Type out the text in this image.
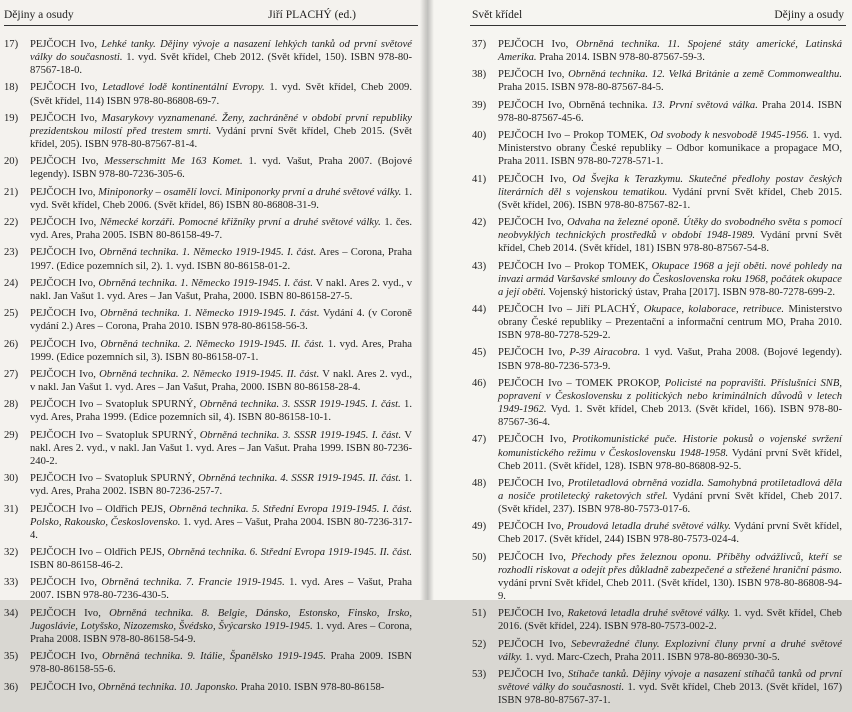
Dějiny a osudy	Jiří PLACHÝ (ed.)
17) PEJČOCH Ivo, Lehké tanky. Dějiny vývoje a nasazení lehkých tanků od první světové války do současnosti. 1. vyd. Svět křídel, Cheb 2012. (Svět křídel, 150). ISBN 978-80-87567-18-0.
18) PEJČOCH Ivo, Letadlové lodě kontinentální Evropy. 1. vyd. Svět křídel, Cheb 2009. (Svět křídel, 114) ISBN 978-80-86808-69-7.
19) PEJČOCH Ivo, Masarykovy vyznamenané. Ženy, zachráněné v období první republiky prezidentskou milostí před trestem smrti. Vydání první Svět křídel, Cheb 2015. (Svět křídel, 205). ISBN 978-80-87567-81-4.
20) PEJČOCH Ivo, Messerschmitt Me 163 Komet. 1. vyd. Vašut, Praha 2007. (Bojové legendy). ISBN 978-80-7236-305-6.
21) PEJČOCH Ivo, Miniponorky – osamělí lovci. Miniponorky první a druhé světové války. 1. vyd. Svět křídel, Cheb 2006. (Svět křídel, 86) ISBN 80-86808-31-9.
22) PEJČOCH Ivo, Německé korzáři. Pomocné křižníky první a druhé světové války. 1. čes. vyd. Ares, Praha 2005. ISBN 80-86158-49-7.
23) PEJČOCH Ivo, Obrněná technika. 1. Německo 1919-1945. I. část. Ares – Corona, Praha 1997. (Edice pozemních sil, 2). 1. vyd. ISBN 80-86158-01-2.
24) PEJČOCH Ivo, Obrněná technika. 1. Německo 1919-1945. I. část. V nakl. Ares 2. vyd., v nakl. Jan Vašut 1. vyd. Ares – Jan Vašut, Praha, 2000. ISBN 80-86158-27-5.
25) PEJČOCH Ivo, Obrněná technika. 1. Německo 1919-1945. I. část. Vydání 4. (v Coroně vydání 2.) Ares – Corona, Praha 2010. ISBN 978-80-86158-56-3.
26) PEJČOCH Ivo, Obrněná technika. 2. Německo 1919-1945. II. část. 1. vyd. Ares, Praha 1999. (Edice pozemních sil, 3). ISBN 80-86158-07-1.
27) PEJČOCH Ivo, Obrněná technika. 2. Německo 1919-1945. II. část. V nakl. Ares 2. vyd., v nakl. Jan Vašut 1. vyd. Ares – Jan Vašut, Praha, 2000. ISBN 80-86158-28-4.
28) PEJČOCH Ivo – Svatopluk SPURNÝ, Obrněná technika. 3. SSSR 1919-1945. I. část. 1. vyd. Ares, Praha 1999. (Edice pozemních sil, 4). ISBN 80-86158-10-1.
29) PEJČOCH Ivo – Svatopluk SPURNÝ, Obrněná technika. 3. SSSR 1919-1945. I. část. V nakl. Ares 2. vyd., v nakl. Jan Vašut 1. vyd. Ares – Jan Vašut. Praha 1999. ISBN 80-7236-240-2.
30) PEJČOCH Ivo – Svatopluk SPURNÝ, Obrněná technika. 4. SSSR 1919-1945. II. část. 1. vyd. Ares, Praha 2002. ISBN 80-7236-257-7.
31) PEJČOCH Ivo – Oldřich PEJS, Obrněná technika. 5. Střední Evropa 1919-1945. I. část. Polsko, Rakousko, Československo. 1. vyd. Ares – Vašut, Praha 2004. ISBN 80-7236-317-4.
32) PEJČOCH Ivo – Oldřich PEJS, Obrněná technika. 6. Střední Evropa 1919-1945. II. část. ISBN 80-86158-46-2.
33) PEJČOCH Ivo, Obrněná technika. 7. Francie 1919-1945. 1. vyd. Ares – Vašut, Praha 2007. ISBN 978-80-7236-430-5.
34) PEJČOCH Ivo, Obrněná technika. 8. Belgie, Dánsko, Estonsko, Finsko, Irsko, Jugoslávie, Lotyšsko, Nizozemsko, Švédsko, Švýcarsko 1919-1945. 1. vyd. Ares – Corona, Praha 2008. ISBN 978-80-86158-54-9.
35) PEJČOCH Ivo, Obrněná technika. 9. Itálie, Španělsko 1919-1945. Praha 2009. ISBN 978-80-86158-55-6.
36) PEJČOCH Ivo, Obrněná technika. 10. Japonsko. Praha 2010. ISBN 978-80-86158-
Svět křídel	Dějiny a osudy
37) PEJČOCH Ivo, Obrněná technika. 11. Spojené státy americké, Latinská Amerika. Praha 2014. ISBN 978-80-87567-59-3.
38) PEJČOCH Ivo, Obrněná technika. 12. Velká Británie a země Commonwealthu. Praha 2015. ISBN 978-80-87567-84-5.
39) PEJČOCH Ivo, Obrněná technika. 13. První světová válka. Praha 2014. ISBN 978-80-87567-45-6.
40) PEJČOCH Ivo – Prokop TOMEK, Od svobody k nesvobodě 1945-1956. 1. vyd. Ministerstvo obrany České republiky – Odbor komunikace a propagace MO, Praha 2011. ISBN 978-80-7278-571-1.
41) PEJČOCH Ivo, Od Švejka k Terazkymu. Skutečné předlohy postav českých literárních děl s vojenskou tematikou. Vydání první Svět křídel, Cheb 2015. (Svět křídel, 206). ISBN 978-80-87567-82-1.
42) PEJČOCH Ivo, Odvaha na železné oponě. Útěky do svobodného světa s pomocí neobvyklých technických prostředků v období 1948-1989. Vydání první Svět křídel, Cheb 2014. (Svět křídel, 181) ISBN 978-80-87567-54-8.
43) PEJČOCH Ivo – Prokop TOMEK, Okupace 1968 a její oběti. nové pohledy na invazi armád Varšavské smlouvy do Československa roku 1968, počátek okupace a její oběti. Vojenský historický ústav, Praha [2017]. ISBN 978-80-7278-699-2.
44) PEJČOCH Ivo – Jiří PLACHÝ, Okupace, kolaborace, retribuce. Ministerstvo obrany České republiky – Prezentační a informační centrum MO, Praha 2010. ISBN 978-80-7278-529-2.
45) PEJČOCH Ivo, P-39 Airacobra. 1 vyd. Vašut, Praha 2008. (Bojové legendy). ISBN 978-80-7236-573-9.
46) PEJČOCH Ivo – TOMEK PROKOP, Policisté na popravišti. Příslušníci SNB, popravení v Československu z politických nebo kriminálních důvodů v letech 1949-1962. Vyd. 1. Svět křídel, Cheb 2013. (Svět křídel, 166). ISBN 978-80-87567-36-4.
47) PEJČOCH Ivo, Protikomunistické puče. Historie pokusů o vojenské svržení komunistického režimu v Československu 1948-1958. Vydání první Svět křídel, Cheb 2011. (Svět křídel, 128). ISBN 978-80-86808-92-5.
48) PEJČOCH Ivo, Protiletadlová obrněná vozidla. Samohybná protiletadlová děla a nosiče protiletecký raketových střel. Vydání první Svět křídel, Cheb 2017. (Svět křídel, 237). ISBN 978-80-7573-017-6.
49) PEJČOCH Ivo, Proudová letadla druhé světové války. Vydání první Svět křídel, Cheb 2017. (Svět křídel, 244) ISBN 978-80-7573-024-4.
50) PEJČOCH Ivo, Přechody přes železnou oponu. Příběhy odvážlivců, kteří se rozhodli riskovat a odejít přes důkladně zabezpečené a střežené hraniční pásmo. vydání první Svět křídel, Cheb 2011. (Svět křídel, 130). ISBN 978-80-86808-94-9.
51) PEJČOCH Ivo, Raketová letadla druhé světové války. 1. vyd. Svět křídel, Cheb 2016. (Svět křídel, 224). ISBN 978-80-7573-002-2.
52) PEJČOCH Ivo, Sebevražedné čluny. Explozivní čluny první a druhé světové války. 1. vyd. Marc-Czech, Praha 2011. ISBN 978-80-86930-30-5.
53) PEJČOCH Ivo, Stíhače tanků. Dějiny vývoje a nasazení stíhačů tanků od první světové války do současnosti. 1. vyd. Svět křídel, Cheb 2013. (Svět křídel, 167) ISBN 978-80-87567-37-1.
